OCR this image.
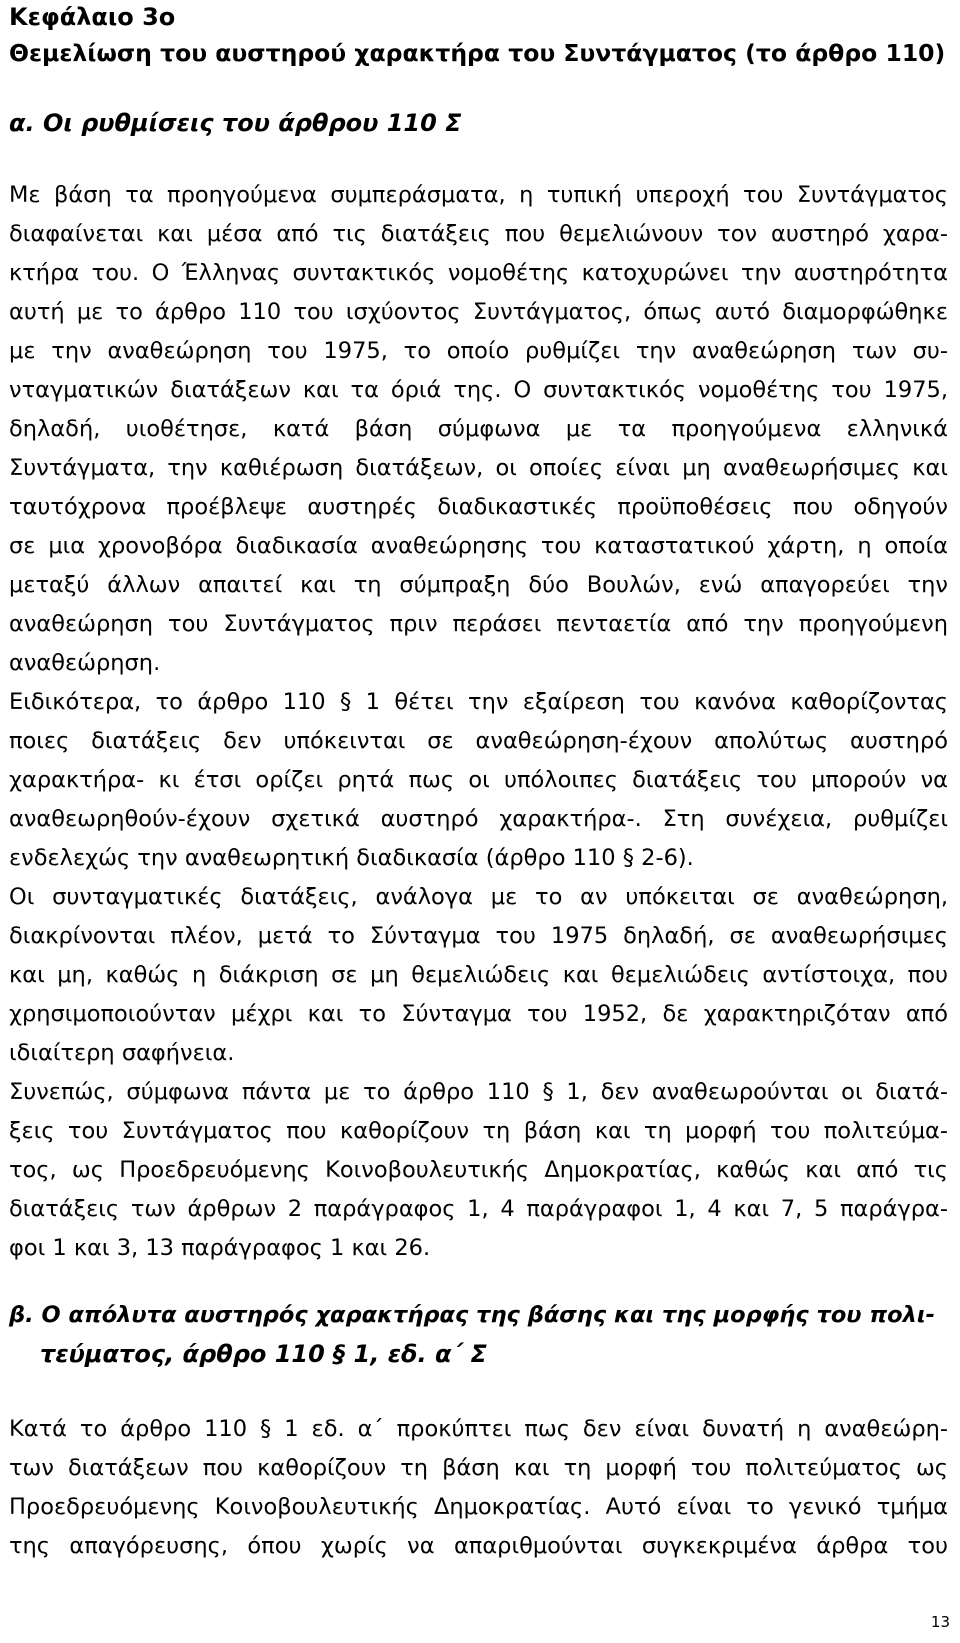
Κεφάλαιο 3ο
Θεμελίωση του αυστηρού χαρακτήρα του Συντάγματος (το άρθρο 110)
α. Οι ρυθμίσεις του άρθρου 110 Σ
Με βάση τα προηγούμενα συμπεράσματα, η τυπική υπεροχή του Συντάγματος
διαφαίνεται και μέσα από τις διατάξεις που θεμελιώνουν τον αυστηρό χαρα-
κτήρα του. Ο Έλληνας συντακτικός νομοθέτης κατοχυρώνει την αυστηρότητα
αυτή με το άρθρο 110 του ισχύοντος Συντάγματος, όπως αυτό διαμορφώθηκε
με την αναθεώρηση του 1975, το οποίο ρυθμίζει την αναθεώρηση των συ-
νταγματικών διατάξεων και τα όριά της. Ο συντακτικός νομοθέτης του 1975,
δηλαδή, υιοθέτησε, κατά βάση σύμφωνα με τα προηγούμενα ελληνικά
Συντάγματα, την καθιέρωση διατάξεων, οι οποίες είναι μη αναθεωρήσιμες και
ταυτόχρονα προέβλεψε αυστηρές διαδικαστικές προϋποθέσεις που οδηγούν
σε μια χρονοβόρα διαδικασία αναθεώρησης του καταστατικού χάρτη, η οποία
μεταξύ άλλων απαιτεί και τη σύμπραξη δύο Βουλών, ενώ απαγορεύει την
αναθεώρηση του Συντάγματος πριν περάσει πενταετία από την προηγούμενη
αναθεώρηση.
Ειδικότερα, το άρθρο 110 § 1 θέτει την εξαίρεση του κανόνα καθορίζοντας
ποιες διατάξεις δεν υπόκεινται σε αναθεώρηση-έχουν απολύτως αυστηρό
χαρακτήρα- κι έτσι ορίζει ρητά πως οι υπόλοιπες διατάξεις του μπορούν να
αναθεωρηθούν-έχουν σχετικά αυστηρό χαρακτήρα-. Στη συνέχεια, ρυθμίζει
ενδελεχώς την αναθεωρητική διαδικασία (άρθρο 110 § 2-6).
Οι συνταγματικές διατάξεις, ανάλογα με το αν υπόκειται σε αναθεώρηση,
διακρίνονται πλέον, μετά το Σύνταγμα του 1975 δηλαδή, σε αναθεωρήσιμες
και μη, καθώς η διάκριση σε μη θεμελιώδεις και θεμελιώδεις αντίστοιχα, που
χρησιμοποιούνταν μέχρι και το Σύνταγμα του 1952, δε χαρακτηριζόταν από
ιδιαίτερη σαφήνεια.
Συνεπώς, σύμφωνα πάντα με το άρθρο 110 § 1, δεν αναθεωρούνται οι διατά-
ξεις του Συντάγματος που καθορίζουν τη βάση και τη μορφή του πολιτεύμα-
τος, ως Προεδρευόμενης Κοινοβουλευτικής Δημοκρατίας, καθώς και από τις
διατάξεις των άρθρων 2 παράγραφος 1, 4 παράγραφοι 1, 4 και 7, 5 παράγρα-
φοι 1 και 3, 13 παράγραφος 1 και 26.
β. Ο απόλυτα αυστηρός χαρακτήρας της βάσης και της μορφής του πολι-
τεύματος, άρθρο 110 § 1, εδ. α΄ Σ
Κατά το άρθρο 110 § 1 εδ. α΄ προκύπτει πως δεν είναι δυνατή η αναθεώρη-
των διατάξεων που καθορίζουν τη βάση και τη μορφή του πολιτεύματος ως
Προεδρευόμενης Κοινοβουλευτικής Δημοκρατίας. Αυτό είναι το γενικό τμήμα
της απαγόρευσης, όπου χωρίς να απαριθμούνται συγκεκριμένα άρθρα του
13
